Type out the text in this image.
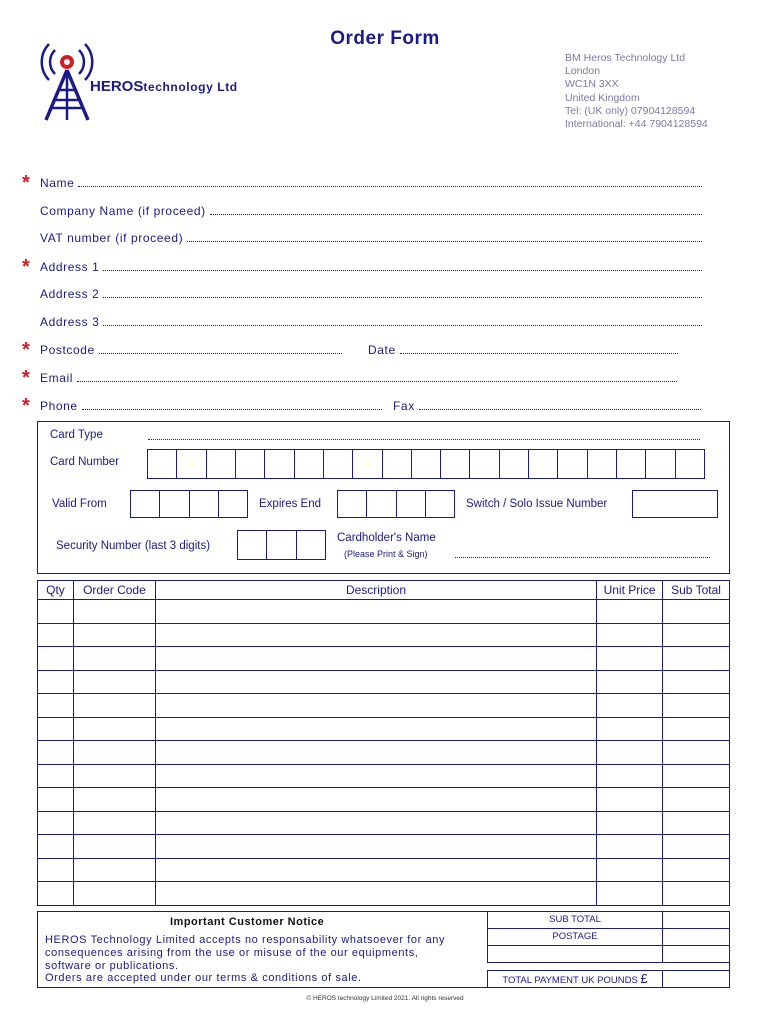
Order Form
HEROStechnology Ltd
BM Heros Technology Ltd
London
WC1N 3XX
United Kingdom
Tel: (UK only) 07904128594
International: +44 7904128594
* Name
Company Name (if proceed)
VAT number (if proceed)
* Address 1
Address 2
Address 3
* Postcode	Date
* Email
* Phone	Fax
Card Type
Card Number
Valid From	Expires End	Switch / Solo Issue Number
Security Number (last 3 digits)
Cardholder's Name
(Please Print & Sign)
Qty	Order Code	Description	Unit Price	Sub Total

Important Customer Notice
HEROS Technology Limited accepts no responsability whatsoever for any
consequences arising from the use or misuse of the our equipments,
software or publications.
Orders are accepted under our terms & conditions of sale.
SUB TOTAL
POSTAGE
TOTAL PAYMENT UK POUNDS £
© HEROS technology Limited 2021. All rights reserved
